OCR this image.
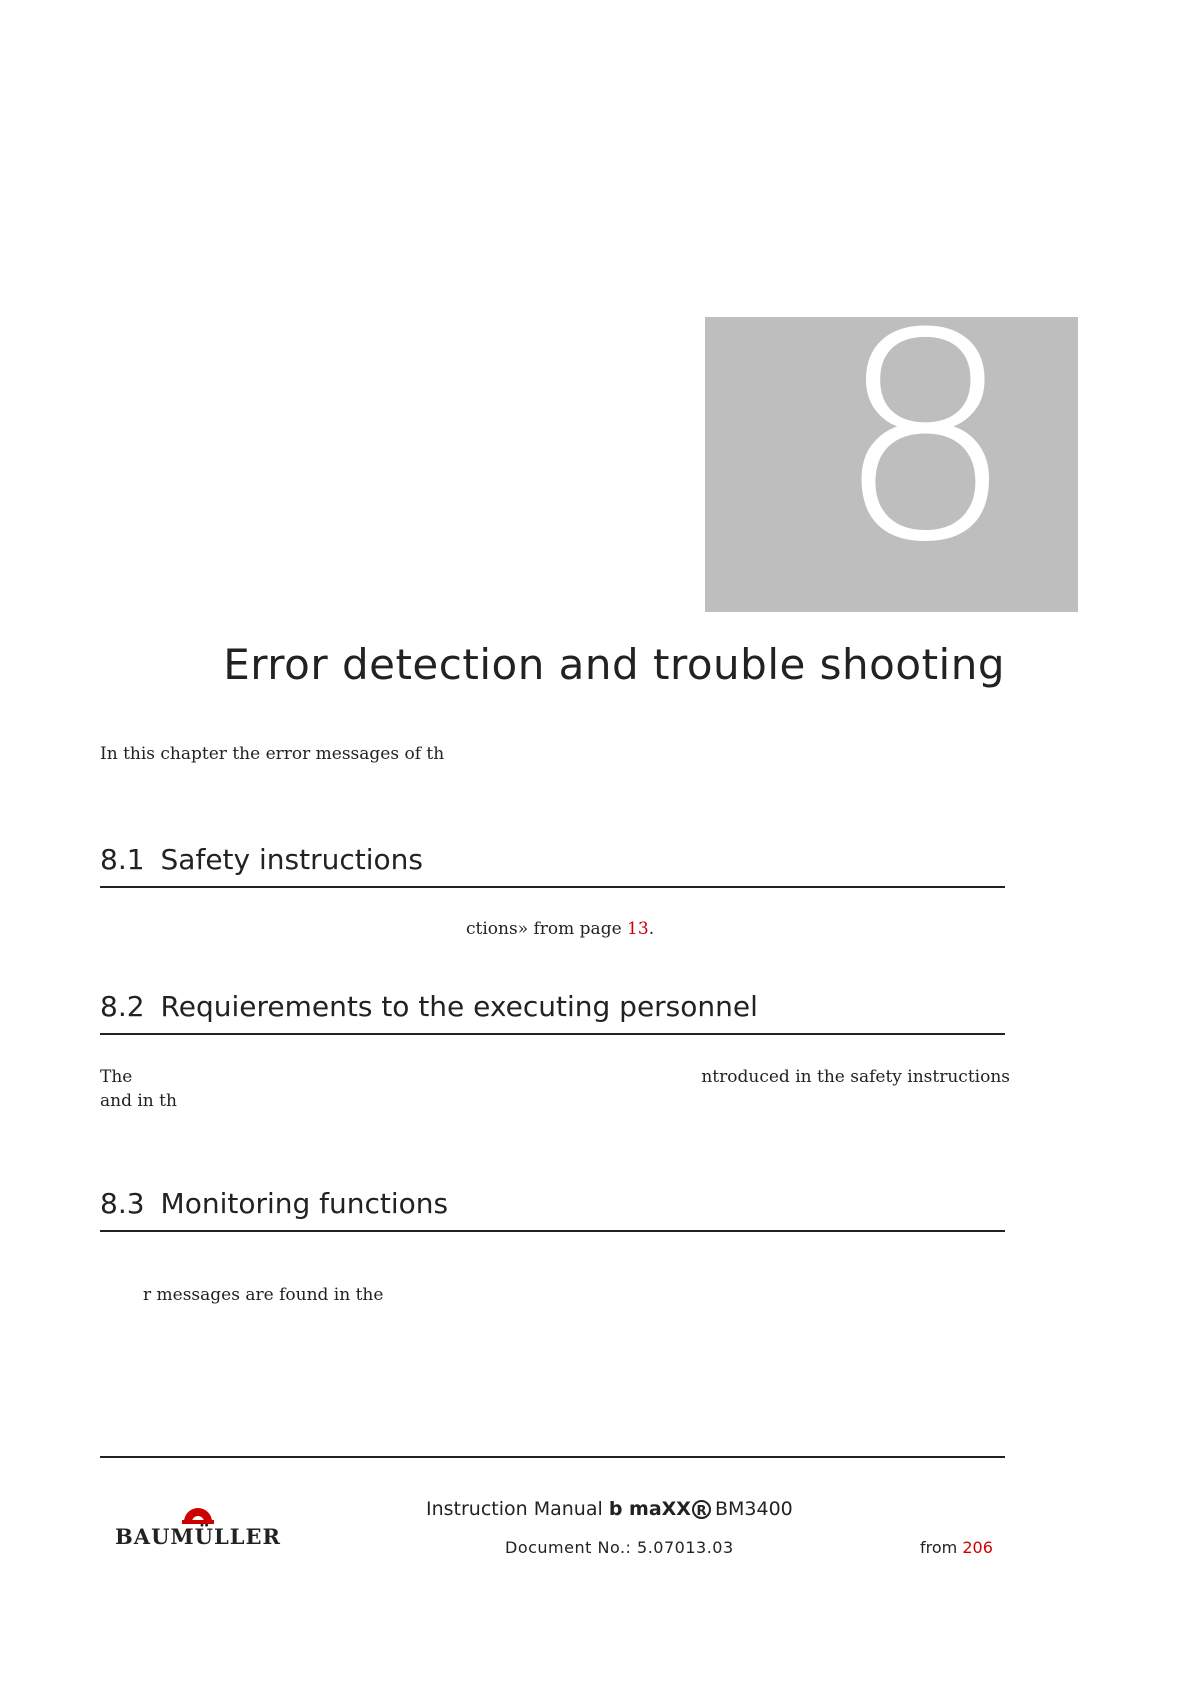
8
Error detection and trouble shooting
In this chapter the error messages of th
8.1 Safety instructions
ctions» from page 13.
8.2 Requierements to the executing personnel
The	ntroduced in the safety instructions
and in th
8.3 Monitoring functions
r messages are found in the
BAUMÜLLER
Instruction Manual b maXX R BM3400
Document No.: 5.07013.03	from 206
